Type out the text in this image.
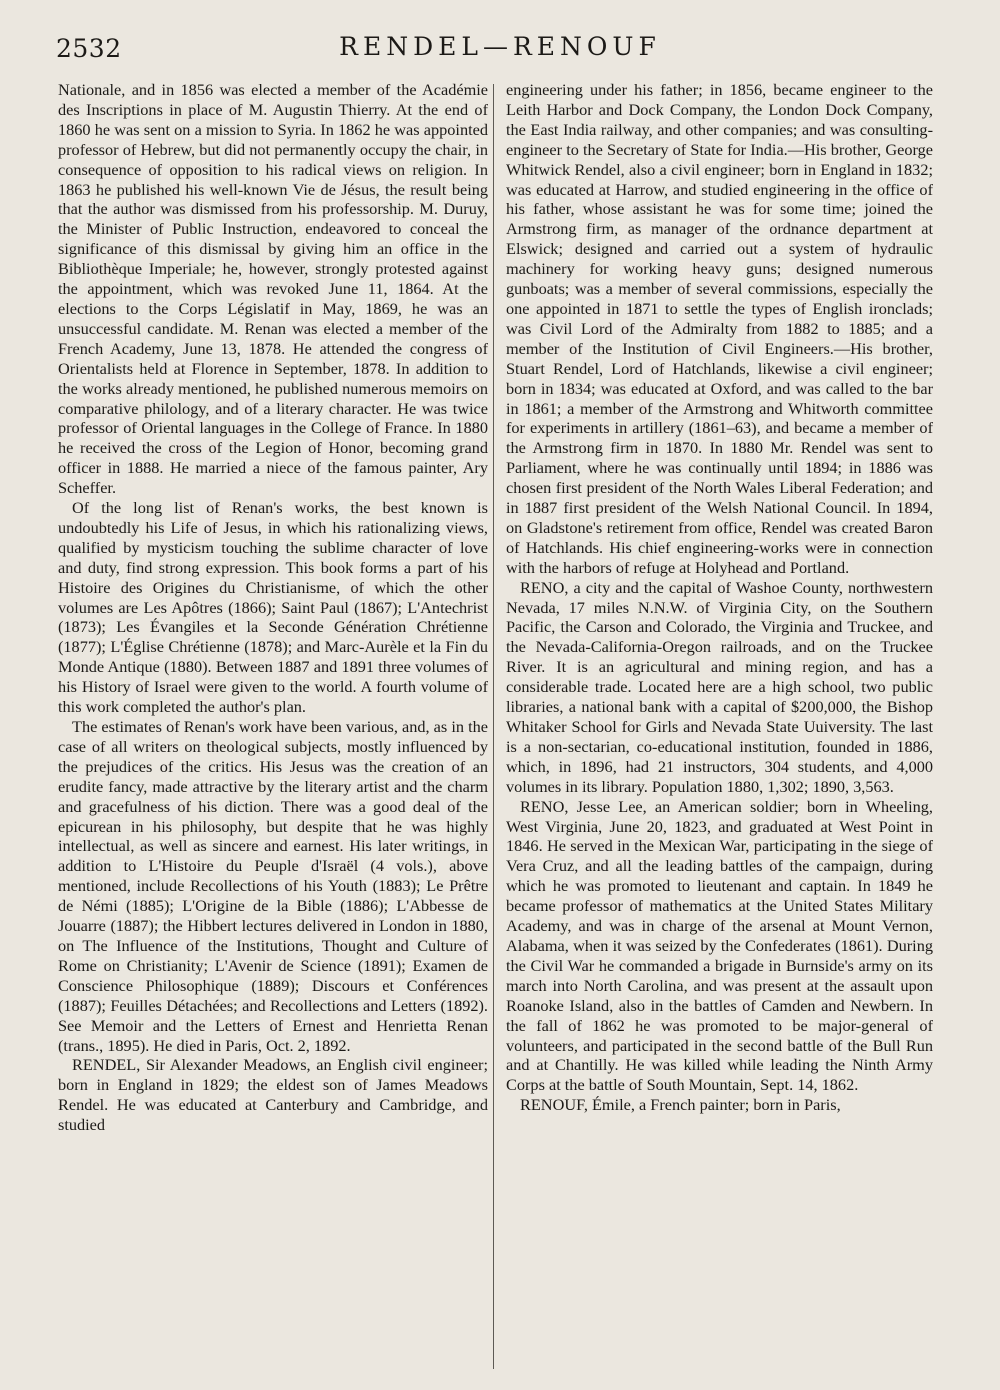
2532	RENDEL—RENOUF

Nationale, and in 1856 was elected a member of the Académie des Inscriptions in place of M. Augustin Thierry. At the end of 1860 he was sent on a mission to Syria. In 1862 he was appointed professor of Hebrew, but did not permanently occupy the chair, in consequence of opposition to his radical views on religion. In 1863 he published his well-known Vie de Jésus, the result being that the author was dismissed from his professorship. M. Duruy, the Minister of Public Instruction, endeavored to conceal the significance of this dismissal by giving him an office in the Bibliothèque Imperiale; he, however, strongly protested against the appointment, which was revoked June 11, 1864. At the elections to the Corps Législatif in May, 1869, he was an unsuccessful candidate. M. Renan was elected a member of the French Academy, June 13, 1878. He attended the congress of Orientalists held at Florence in September, 1878. In addition to the works already mentioned, he published numerous memoirs on comparative philology, and of a literary character. He was twice professor of Oriental languages in the College of France. In 1880 he received the cross of the Legion of Honor, becoming grand officer in 1888. He married a niece of the famous painter, Ary Scheffer.

Of the long list of Renan's works, the best known is undoubtedly his Life of Jesus, in which his rationalizing views, qualified by mysticism touching the sublime character of love and duty, find strong expression. This book forms a part of his Histoire des Origines du Christianisme, of which the other volumes are Les Apôtres (1866); Saint Paul (1867); L'Antechrist (1873); Les Évangiles et la Seconde Génération Chrétienne (1877); L'Église Chrétienne (1878); and Marc-Aurèle et la Fin du Monde Antique (1880). Between 1887 and 1891 three volumes of his History of Israel were given to the world. A fourth volume of this work completed the author's plan.

The estimates of Renan's work have been various, and, as in the case of all writers on theological subjects, mostly influenced by the prejudices of the critics. His Jesus was the creation of an erudite fancy, made attractive by the literary artist and the charm and gracefulness of his diction. There was a good deal of the epicurean in his philosophy, but despite that he was highly intellectual, as well as sincere and earnest. His later writings, in addition to L'Histoire du Peuple d'Israël (4 vols.), above mentioned, include Recollections of his Youth (1883); Le Prêtre de Némi (1885); L'Origine de la Bible (1886); L'Abbesse de Jouarre (1887); the Hibbert lectures delivered in London in 1880, on The Influence of the Institutions, Thought and Culture of Rome on Christianity; L'Avenir de Science (1891); Examen de Conscience Philosophique (1889); Discours et Conférences (1887); Feuilles Détachées; and Recollections and Letters (1892). See Memoir and the Letters of Ernest and Henrietta Renan (trans., 1895). He died in Paris, Oct. 2, 1892.

RENDEL, Sir Alexander Meadows, an English civil engineer; born in England in 1829; the eldest son of James Meadows Rendel. He was educated at Canterbury and Cambridge, and studied

engineering under his father; in 1856, became engineer to the Leith Harbor and Dock Company, the London Dock Company, the East India railway, and other companies; and was consulting-engineer to the Secretary of State for India.—His brother, George Whitwick Rendel, also a civil engineer; born in England in 1832; was educated at Harrow, and studied engineering in the office of his father, whose assistant he was for some time; joined the Armstrong firm, as manager of the ordnance department at Elswick; designed and carried out a system of hydraulic machinery for working heavy guns; designed numerous gunboats; was a member of several commissions, especially the one appointed in 1871 to settle the types of English ironclads; was Civil Lord of the Admiralty from 1882 to 1885; and a member of the Institution of Civil Engineers.—His brother, Stuart Rendel, Lord of Hatchlands, likewise a civil engineer; born in 1834; was educated at Oxford, and was called to the bar in 1861; a member of the Armstrong and Whitworth committee for experiments in artillery (1861–63), and became a member of the Armstrong firm in 1870. In 1880 Mr. Rendel was sent to Parliament, where he was continually until 1894; in 1886 was chosen first president of the North Wales Liberal Federation; and in 1887 first president of the Welsh National Council. In 1894, on Gladstone's retirement from office, Rendel was created Baron of Hatchlands. His chief engineering-works were in connection with the harbors of refuge at Holyhead and Portland.

RENO, a city and the capital of Washoe County, northwestern Nevada, 17 miles N.N.W. of Virginia City, on the Southern Pacific, the Carson and Colorado, the Virginia and Truckee, and the Nevada-California-Oregon railroads, and on the Truckee River. It is an agricultural and mining region, and has a considerable trade. Located here are a high school, two public libraries, a national bank with a capital of $200,000, the Bishop Whitaker School for Girls and Nevada State Uuiversity. The last is a non-sectarian, co-educational institution, founded in 1886, which, in 1896, had 21 instructors, 304 students, and 4,000 volumes in its library. Population 1880, 1,302; 1890, 3,563.

RENO, Jesse Lee, an American soldier; born in Wheeling, West Virginia, June 20, 1823, and graduated at West Point in 1846. He served in the Mexican War, participating in the siege of Vera Cruz, and all the leading battles of the campaign, during which he was promoted to lieutenant and captain. In 1849 he became professor of mathematics at the United States Military Academy, and was in charge of the arsenal at Mount Vernon, Alabama, when it was seized by the Confederates (1861). During the Civil War he commanded a brigade in Burnside's army on its march into North Carolina, and was present at the assault upon Roanoke Island, also in the battles of Camden and Newbern. In the fall of 1862 he was promoted to be major-general of volunteers, and participated in the second battle of the Bull Run and at Chantilly. He was killed while leading the Ninth Army Corps at the battle of South Mountain, Sept. 14, 1862.

RENOUF, Émile, a French painter; born in Paris,
